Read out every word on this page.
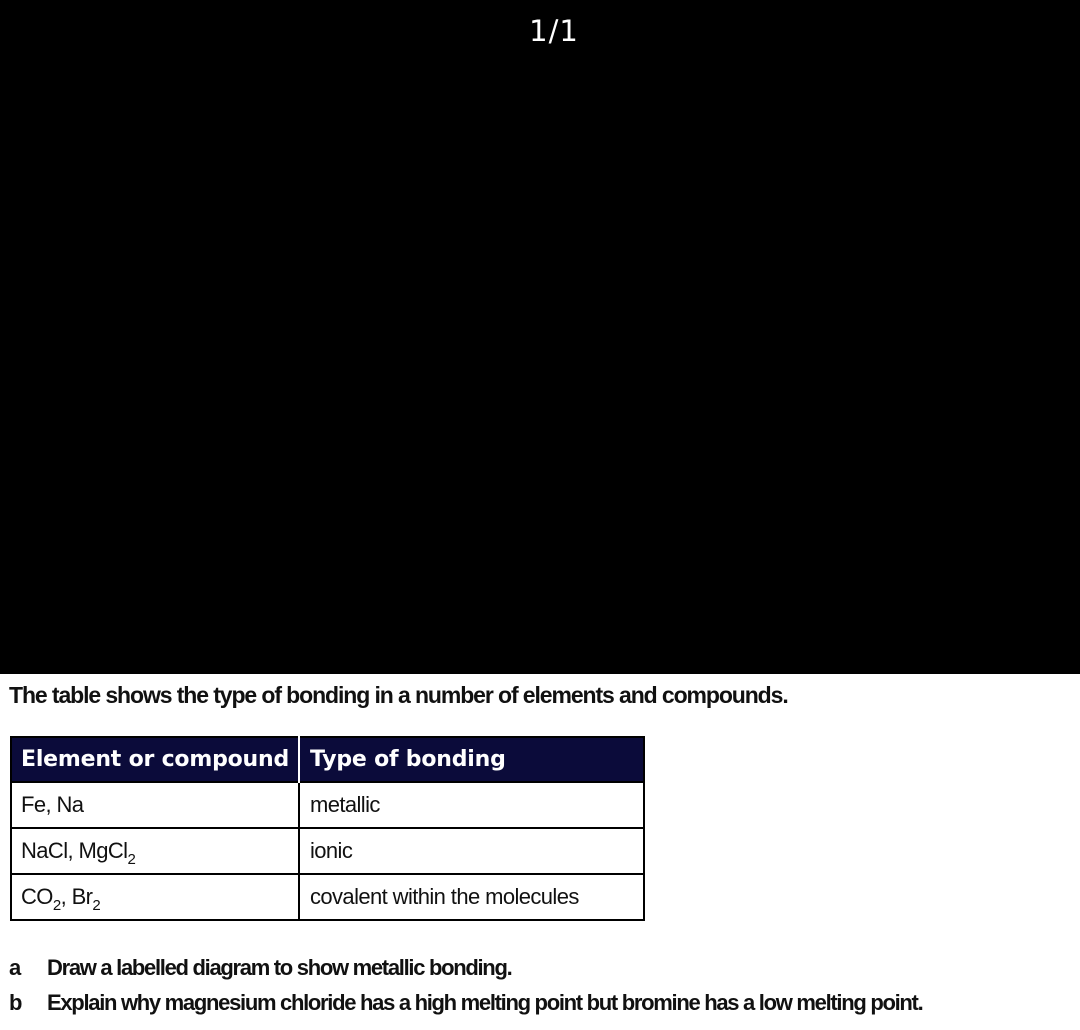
1/1

The table shows the type of bonding in a number of elements and compounds.

Element or compound	Type of bonding
Fe, Na	metallic
NaCl, MgCl$_2$	ionic
$CO_2$, $Br_2$	covalent within the molecules
a Draw a labelled diagram to show metallic bonding.
b Explain why magnesium chloride has a high melting point but bromine has a low melting point.
